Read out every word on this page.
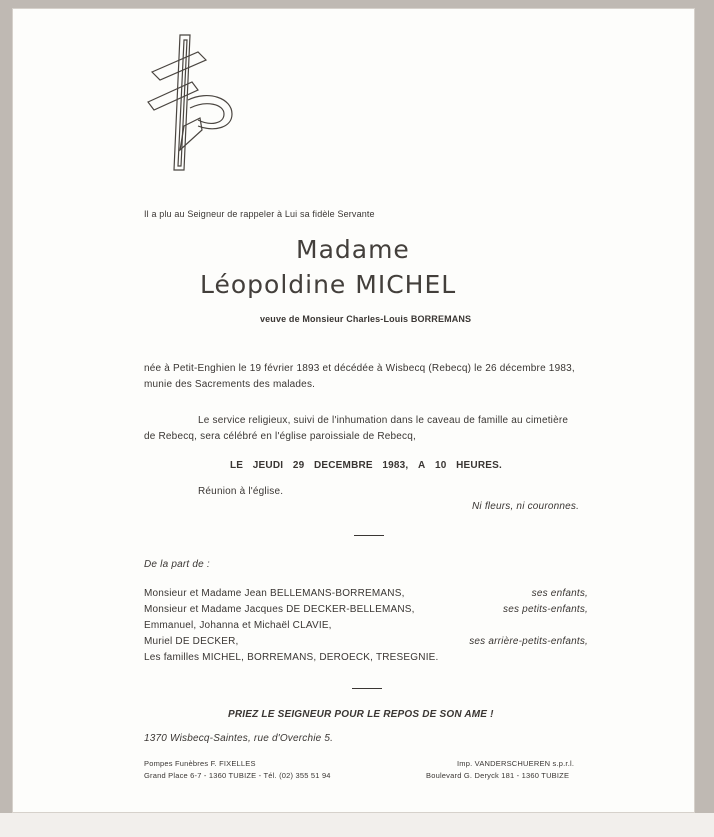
Il a plu au Seigneur de rappeler à Lui sa fidèle Servante
Madame
Léopoldine MICHEL
veuve de Monsieur Charles-Louis BORREMANS
née à Petit-Enghien le 19 février 1893 et décédée à Wisbecq (Rebecq) le 26 décembre 1983,
munie des Sacrements des malades.
Le service religieux, suivi de l'inhumation dans le caveau de famille au cimetière
de Rebecq, sera célébré en l'église paroissiale de Rebecq,
LE JEUDI 29 DECEMBRE 1983, A 10 HEURES.
Réunion à l'église.
Ni fleurs, ni couronnes.
De la part de :
Monsieur et Madame Jean BELLEMANS-BORREMANS,	ses enfants,
Monsieur et Madame Jacques DE DECKER-BELLEMANS,	ses petits-enfants,
Emmanuel, Johanna et Michaël CLAVIE,
Muriel DE DECKER,	ses arrière-petits-enfants,
Les familles MICHEL, BORREMANS, DEROECK, TRESEGNIE.
PRIEZ LE SEIGNEUR POUR LE REPOS DE SON AME !
1370 Wisbecq-Saintes, rue d'Overchie 5.
Pompes Funèbres F. FIXELLES
Grand Place 6-7 - 1360 TUBIZE - Tél. (02) 355 51 94
Imp. VANDERSCHUEREN s.p.r.l.
Boulevard G. Deryck 181 - 1360 TUBIZE
